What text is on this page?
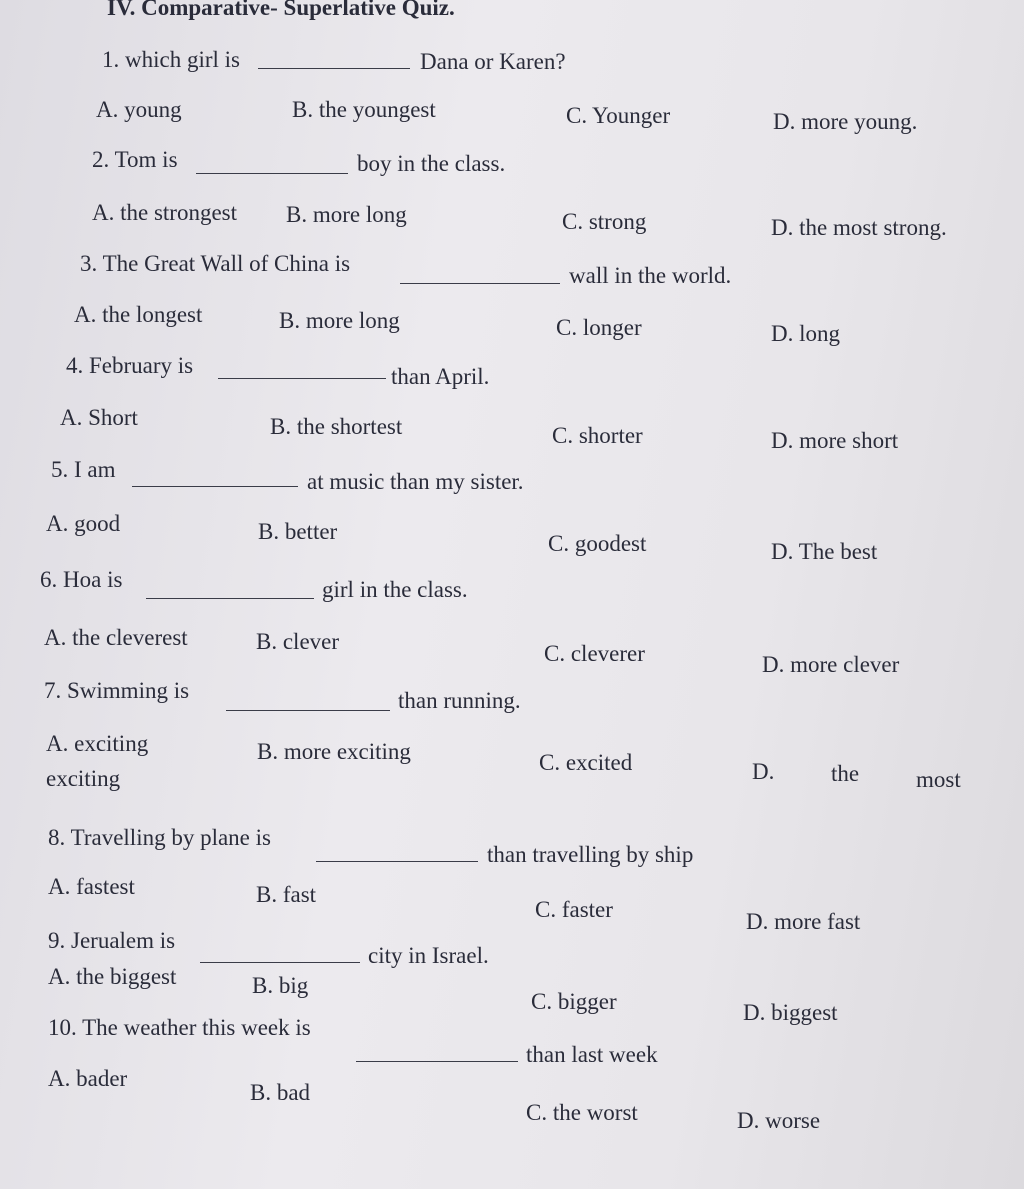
IV. Comparative- Superlative Quiz.
1. which girl is	Dana or Karen?
A. young	B. the youngest	C. Younger	D. more young.
2. Tom is	boy in the class.
A. the strongest B. more long	C. strong	D. the most strong.
3. The Great Wall of China is	wall in the world.
A. the longest	B. more long	C. longer	D. long
4. February is	than April.
A. Short	B. the shortest	C. shorter	D. more short
5. I am	at music than my sister.
A. good	B. better	C. goodest	D. The best
6. Hoa is	girl in the class.
A. the cleverest	B. clever	C. cleverer	D. more clever
7. Swimming is	than running.
A. exciting	B. more exciting	C. excited	D. the most
exciting
8. Travelling by plane is
than travelling by ship
A. fastest	B. fast
C. faster	D. more fast
9. Jerualem is
city in Israel.
A. the biggest	B. big
C. bigger	D. biggest
10. The weather this week is
than last week
A. bader
B. bad
C. the worst	D. worse
